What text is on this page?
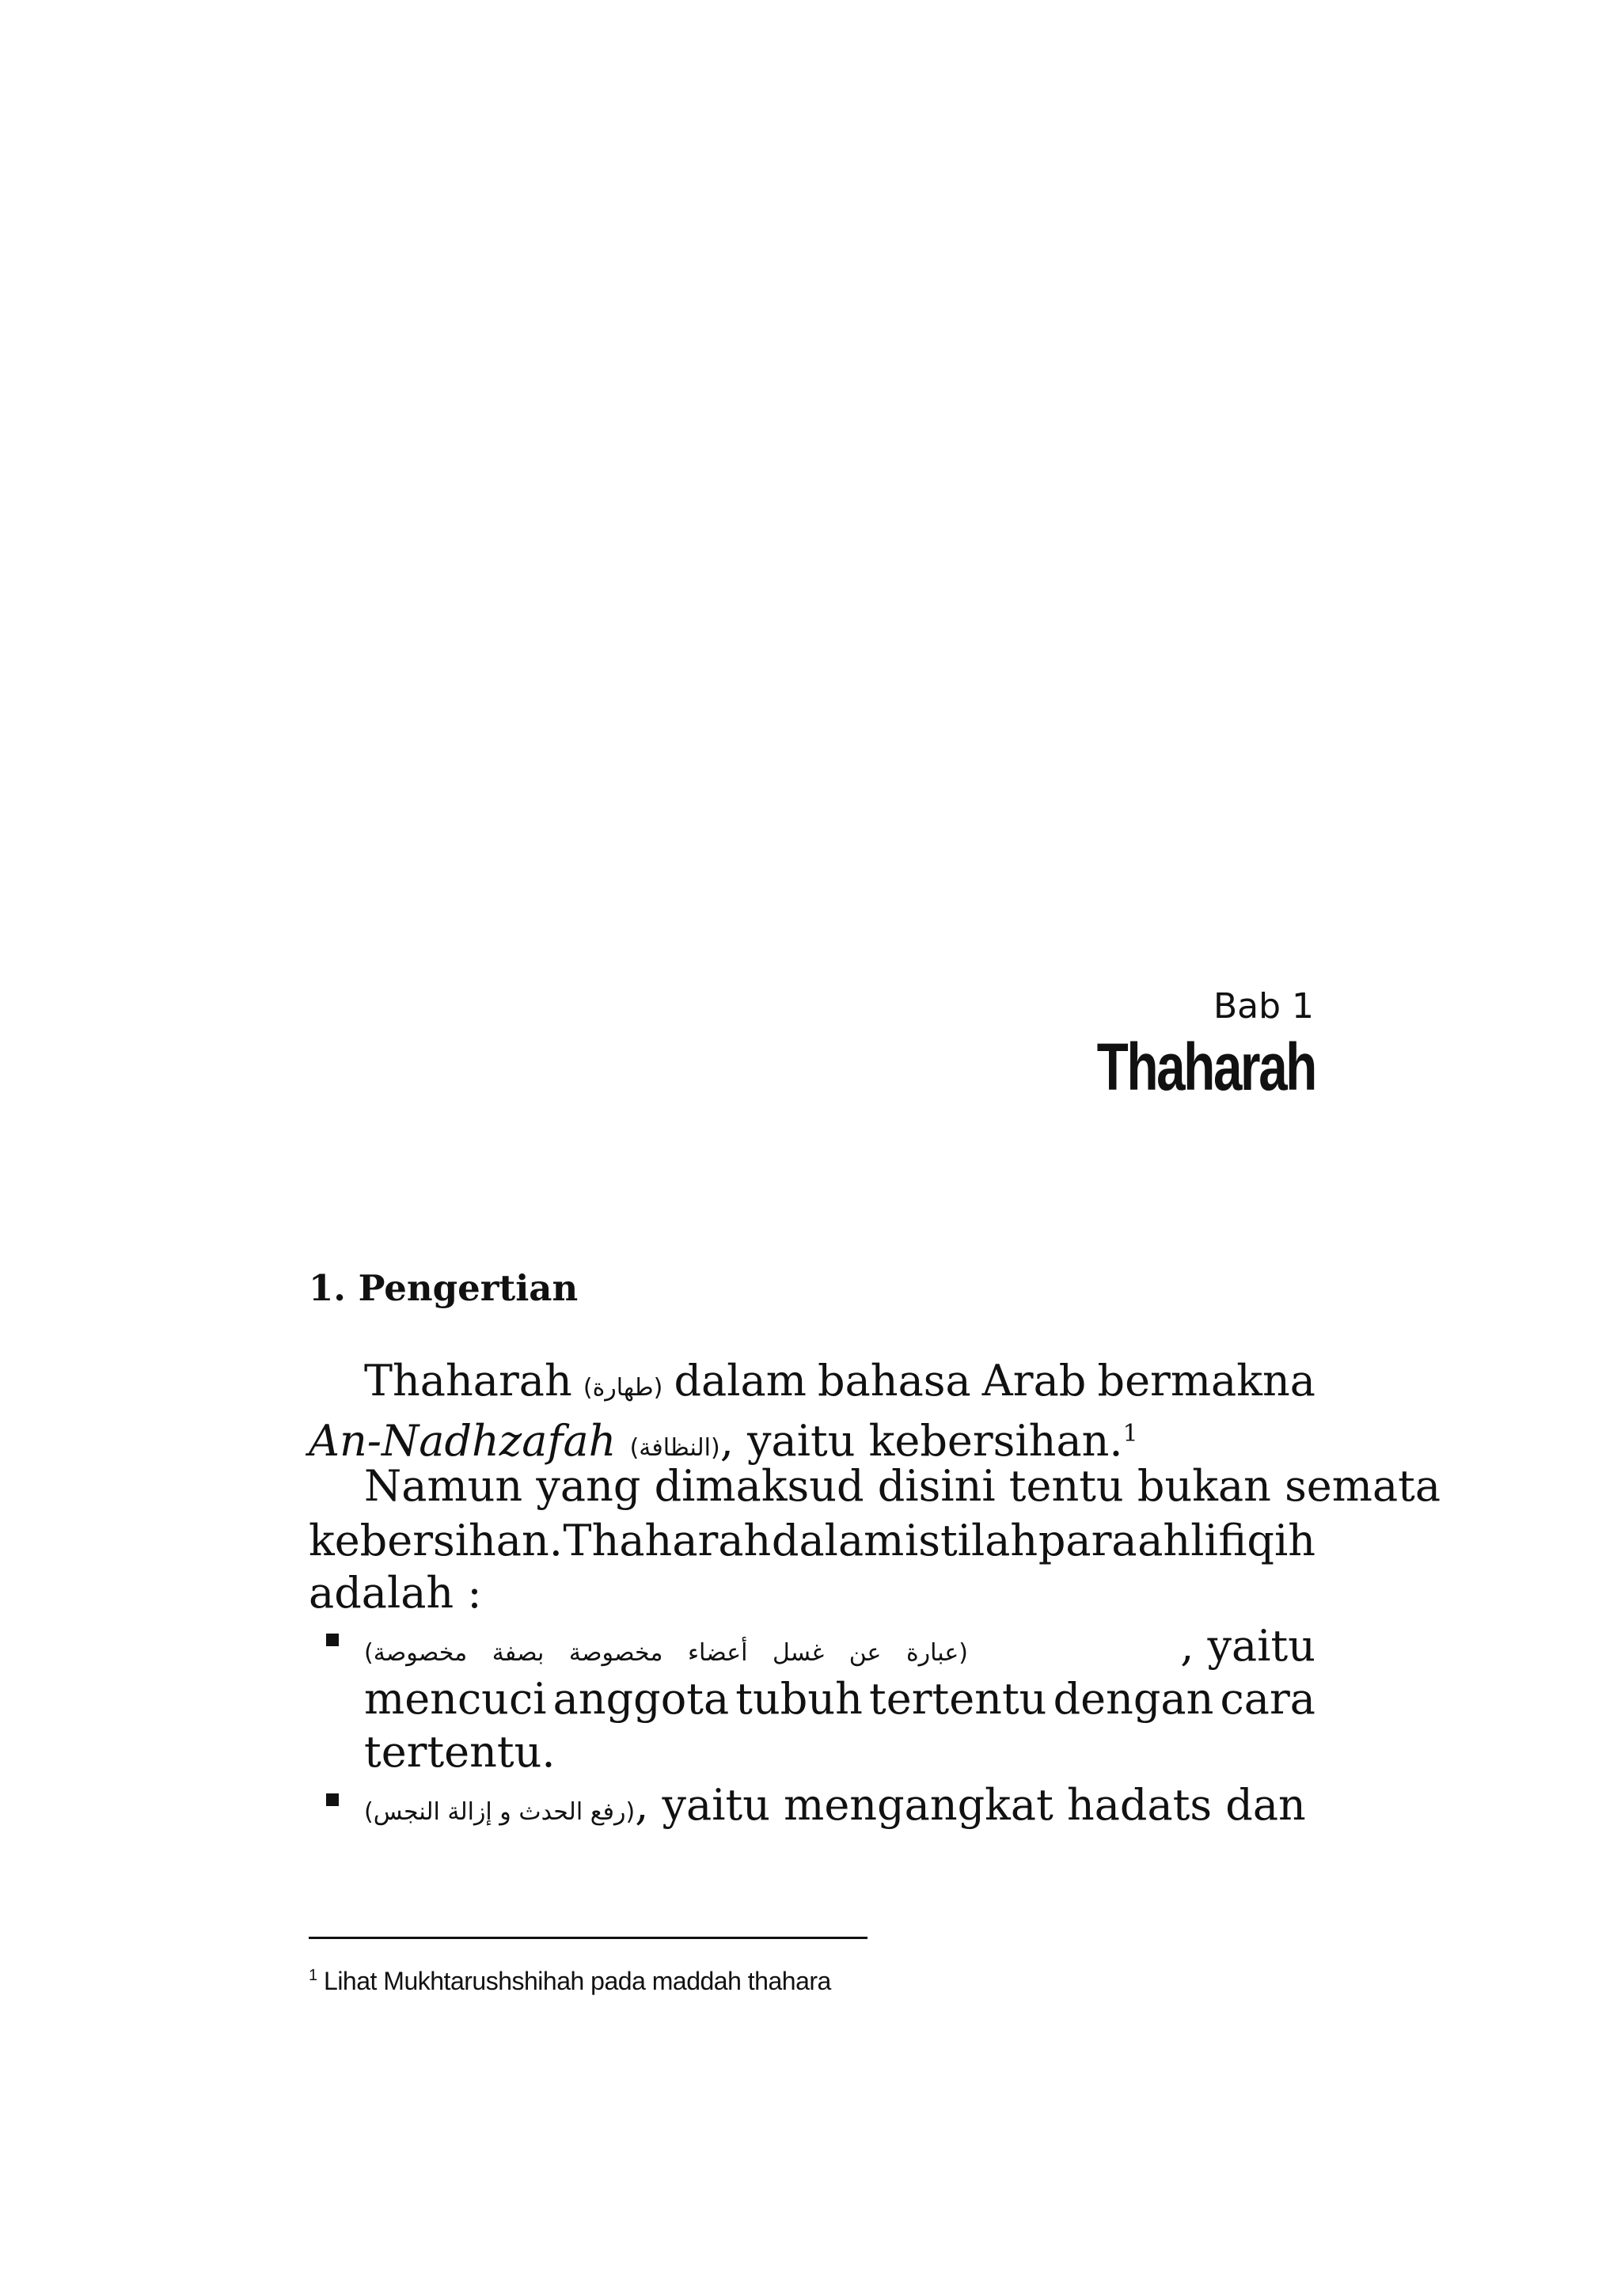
Bab 1
Thaharah
1. Pengertian
Thaharah (طهارة) dalam bahasa Arab bermakna
An-Nadhzafah (النظافة), yaitu kebersihan.$^1$
Namun yang dimaksud disini tentu bukan semata
kebersihan. Thaharah dalam istilah para ahli fiqih
adalah :
(عبارة عن غسل أعضاء مخصوصة بصفة مخصوصة)	, yaitu
mencuci anggota tubuh tertentu dengan cara
tertentu.
(رفع الحدث و إزالة النجس), yaitu mengangkat hadats dan
$^1$ Lihat Mukhtarushshihah pada maddah thahara
